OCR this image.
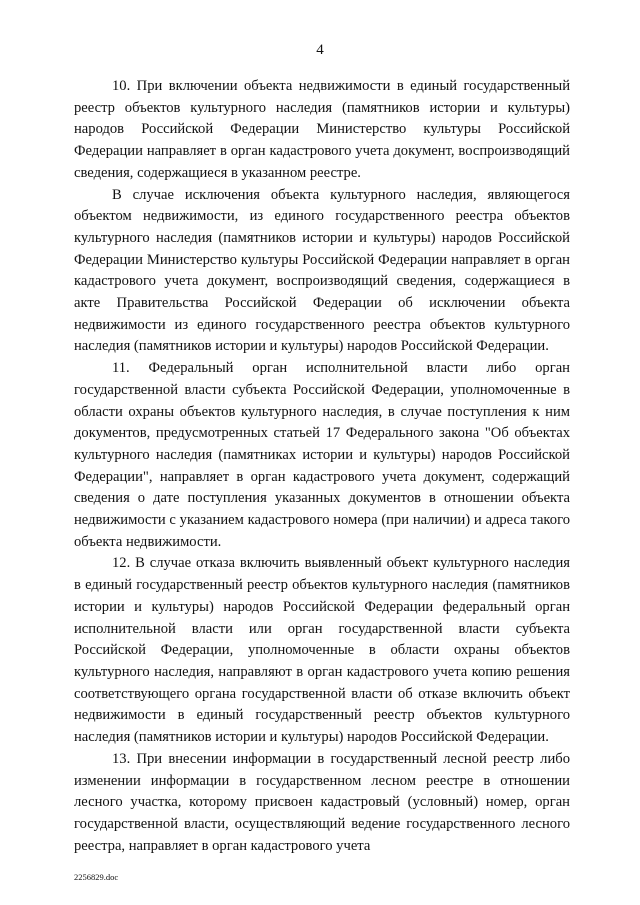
4

10. При включении объекта недвижимости в единый государственный реестр объектов культурного наследия (памятников истории и культуры) народов Российской Федерации Министерство культуры Российской Федерации направляет в орган кадастрового учета документ, воспроизводящий сведения, содержащиеся в указанном реестре.

В случае исключения объекта культурного наследия, являющегося объектом недвижимости, из единого государственного реестра объектов культурного наследия (памятников истории и культуры) народов Российской Федерации Министерство культуры Российской Федерации направляет в орган кадастрового учета документ, воспроизводящий сведения, содержащиеся в акте Правительства Российской Федерации об исключении объекта недвижимости из единого государственного реестра объектов культурного наследия (памятников истории и культуры) народов Российской Федерации.

11. Федеральный орган исполнительной власти либо орган государственной власти субъекта Российской Федерации, уполномоченные в области охраны объектов культурного наследия, в случае поступления к ним документов, предусмотренных статьей 17 Федерального закона "Об объектах культурного наследия (памятниках истории и культуры) народов Российской Федерации", направляет в орган кадастрового учета документ, содержащий сведения о дате поступления указанных документов в отношении объекта недвижимости с указанием кадастрового номера (при наличии) и адреса такого объекта недвижимости.

12. В случае отказа включить выявленный объект культурного наследия в единый государственный реестр объектов культурного наследия (памятников истории и культуры) народов Российской Федерации федеральный орган исполнительной власти или орган государственной власти субъекта Российской Федерации, уполномоченные в области охраны объектов культурного наследия, направляют в орган кадастрового учета копию решения соответствующего органа государственной власти об отказе включить объект недвижимости в единый государственный реестр объектов культурного наследия (памятников истории и культуры) народов Российской Федерации.

13. При внесении информации в государственный лесной реестр либо изменении информации в государственном лесном реестре в отношении лесного участка, которому присвоен кадастровый (условный) номер, орган государственной власти, осуществляющий ведение государственного лесного реестра, направляет в орган кадастрового учета

2256829.doc
